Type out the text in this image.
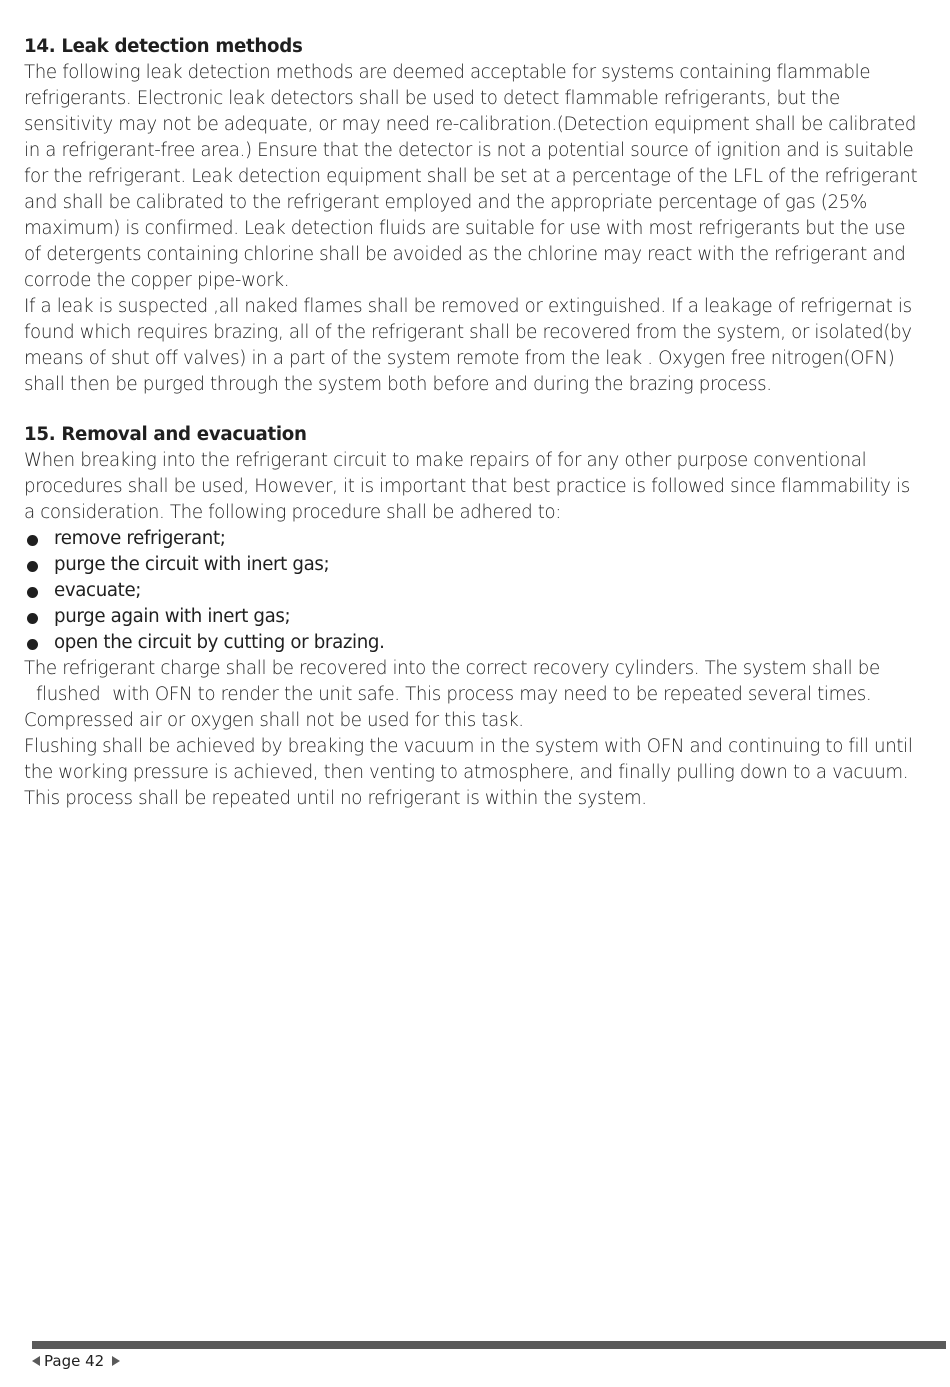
14. Leak detection methods

The following leak detection methods are deemed acceptable for systems containing flammable refrigerants. Electronic leak detectors shall be used to detect flammable refrigerants, but the sensitivity may not be adequate, or may need re-calibration.(Detection equipment shall be calibrated in a refrigerant-free area.) Ensure that the detector is not a potential source of ignition and is suitable for the refrigerant. Leak detection equipment shall be set at a percentage of the LFL of the refrigerant and shall be calibrated to the refrigerant employed and the appropriate percentage of gas (25% maximum) is confirmed. Leak detection fluids are suitable for use with most refrigerants but the use of detergents containing chlorine shall be avoided as the chlorine may react with the refrigerant and corrode the copper pipe-work.

If a leak is suspected ,all naked flames shall be removed or extinguished. If a leakage of refrigernat is found which requires brazing, all of the refrigerant shall be recovered from the system, or isolated(by means of shut off valves) in a part of the system remote from the leak . Oxygen free nitrogen(OFN) shall then be purged through the system both before and during the brazing process.

15. Removal and evacuation

When breaking into the refrigerant circuit to make repairs of for any other purpose conventional procedures shall be used, However, it is important that best practice is followed since flammability is a consideration. The following procedure shall be adhered to:

remove refrigerant;
purge the circuit with inert gas;
evacuate;
purge again with inert gas;
open the circuit by cutting or brazing.

The refrigerant charge shall be recovered into the correct recovery cylinders. The system shall be flushed with OFN to render the unit safe. This process may need to be repeated several times. Compressed air or oxygen shall not be used for this task.

Flushing shall be achieved by breaking the vacuum in the system with OFN and continuing to fill until the working pressure is achieved, then venting to atmosphere, and finally pulling down to a vacuum. This process shall be repeated until no refrigerant is within the system.

Page 42
